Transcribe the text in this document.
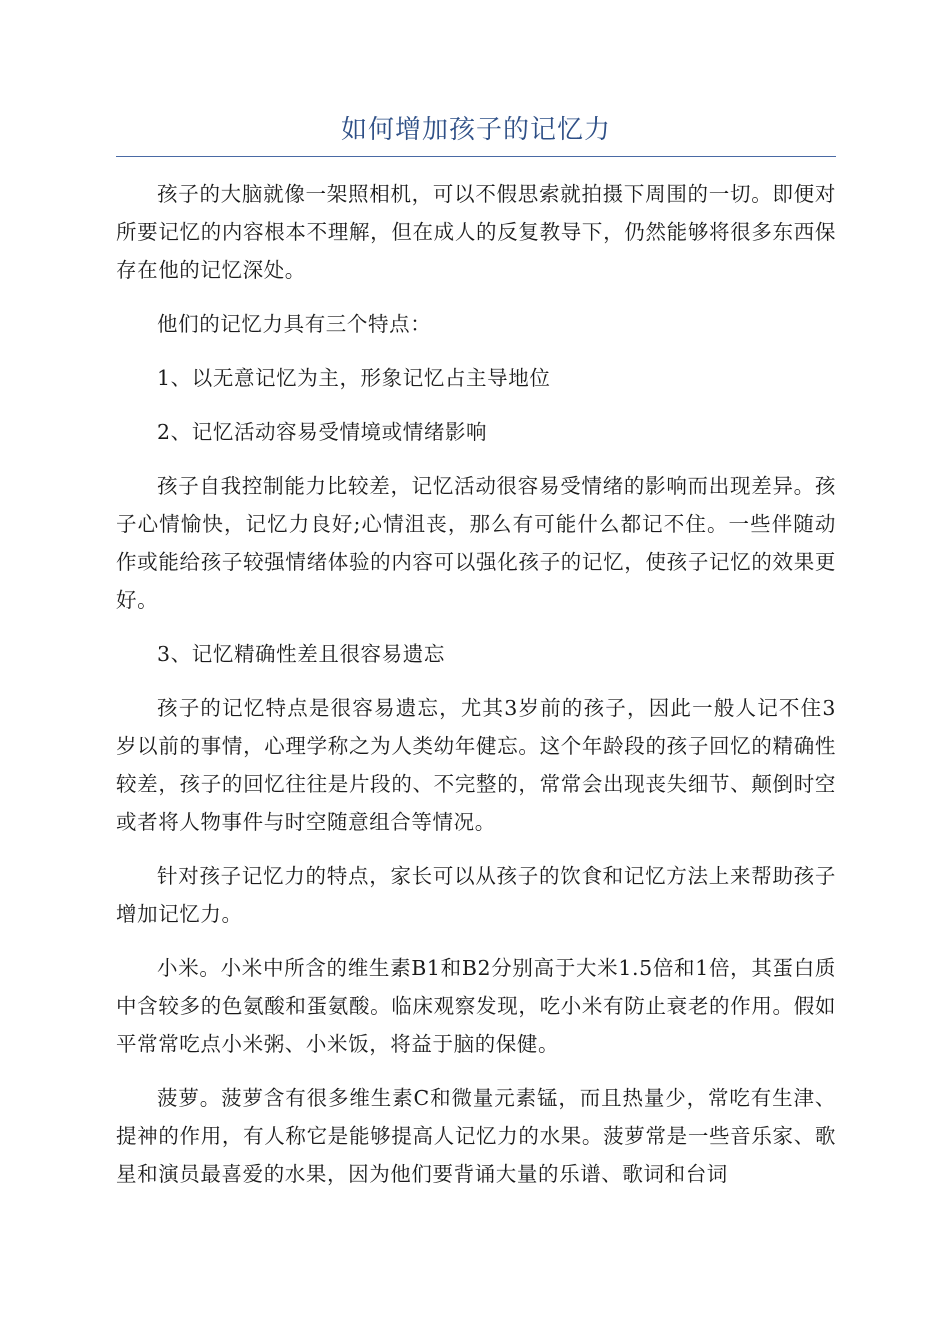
如何增加孩子的记忆力

孩子的大脑就像一架照相机，可以不假思索就拍摄下周围的一切。即便对所要记忆的内容根本不理解，但在成人的反复教导下，仍然能够将很多东西保存在他的记忆深处。

他们的记忆力具有三个特点：

1、以无意记忆为主，形象记忆占主导地位

2、记忆活动容易受情境或情绪影响

孩子自我控制能力比较差，记忆活动很容易受情绪的影响而出现差异。孩子心情愉快，记忆力良好;心情沮丧，那么有可能什么都记不住。一些伴随动作或能给孩子较强情绪体验的内容可以强化孩子的记忆，使孩子记忆的效果更好。

3、记忆精确性差且很容易遗忘

孩子的记忆特点是很容易遗忘，尤其3岁前的孩子，因此一般人记不住3岁以前的事情，心理学称之为人类幼年健忘。这个年龄段的孩子回忆的精确性较差，孩子的回忆往往是片段的、不完整的，常常会出现丧失细节、颠倒时空或者将人物事件与时空随意组合等情况。

针对孩子记忆力的特点，家长可以从孩子的饮食和记忆方法上来帮助孩子增加记忆力。

小米。小米中所含的维生素B1和B2分别高于大米1.5倍和1倍，其蛋白质中含较多的色氨酸和蛋氨酸。临床观察发现，吃小米有防止衰老的作用。假如平常常吃点小米粥、小米饭，将益于脑的保健。

菠萝。菠萝含有很多维生素C和微量元素锰，而且热量少，常吃有生津、提神的作用，有人称它是能够提高人记忆力的水果。菠萝常是一些音乐家、歌星和演员最喜爱的水果，因为他们要背诵大量的乐谱、歌词和台词
